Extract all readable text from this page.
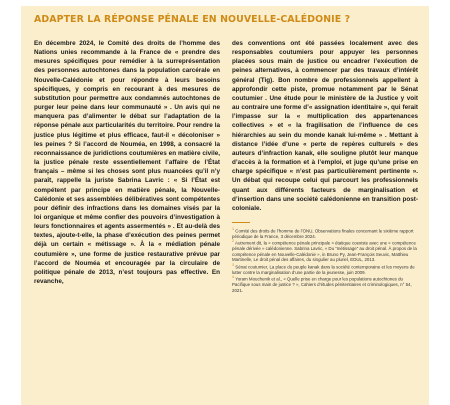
ADAPTER LA RÉPONSE PÉNALE EN NOUVELLE-CALÉDONIE ?

En décembre 2024, le Comité des droits de l’homme des Nations unies recommande à la France de « prendre des mesures spécifiques pour remédier à la surreprésentation des personnes autochtones dans la population carcérale en Nouvelle-Calédonie et pour répondre à leurs besoins spécifiques, y compris en recourant à des mesures de substitution pour permettre aux condamnés autochtones de purger leur peine dans leur communauté » . Un avis qui ne manquera pas d’alimenter le débat sur l’adaptation de la réponse pénale aux particularités du territoire. Pour rendre la justice plus légitime et plus efficace, faut-il « décoloniser » les peines ? Si l’accord de Nouméa, en 1998, a consacré la reconnaissance de juridictions coutumières en matière civile, la justice pénale reste essentiellement l’affaire de l’État français – même si les choses sont plus nuancées qu’il n’y paraît, rappelle la juriste Sabrina Lavric : « Si l’État est compétent par principe en matière pénale, la Nouvelle-Calédonie et ses assemblées délibératives sont compétentes pour définir des infractions dans les domaines visés par la loi organique et même confier des pouvoirs d’investigation à leurs fonctionnaires et agents assermentés » . Et au-delà des textes, ajoute-t-elle, la phase d’exécution des peines permet déjà un certain « métissage ». À la « médiation pénale coutumière », une forme de justice restaurative prévue par l’accord de Nouméa et encouragée par la circulaire de politique pénale de 2013, n’est toujours pas effective. En revanche,

des conventions ont été passées localement avec des responsables coutumiers pour appuyer les personnes placées sous main de justice ou encadrer l’exécution de peines alternatives, à commencer par des travaux d’intérêt général (Tig). Bon nombre de professionnels appellent à approfondir cette piste, promue notamment par le Sénat coutumier . Une étude pour le ministère de la Justice y voit au contraire une forme d’« assignation identitaire », qui ferait l’impasse sur la « multiplication des appartenances collectives » et « la fragilisation de l’influence de ces hiérarchies au sein du monde kanak lui-même » . Mettant à distance l’idée d’une « perte de repères culturels » des auteurs d’infraction kanak, elle souligne plutôt leur manque d’accès à la formation et à l’emploi, et juge qu’une prise en charge spécifique « n’est pas particulièrement pertinente ». Un débat qui recoupe celui qui parcourt les professionnels quant aux différents facteurs de marginalisation et d’insertion dans une société calédonienne en transition post-coloniale.

$^1$ Comité des droits de l’homme de l’ONU, Observations finales concernant le sixième rapport périodique de la France, 3 décembre 2024.

$^2$ Autrement dit, la « compétence pénale principale » étatique coexiste avec une « compétence pénale dérivée » calédonienne. Sabrina Lavric, « Du “métissage” au droit pénal. À propos de la compétence pénale en Nouvelle-Calédonie », in Bruno Py, Jean-François Seuvic, Matthieu Martinelle, Le droit pénal des affaires, du singulier au pluriel, EDUL, 2013.

$^3$ Sénat coutumier, La place du peuple kanak dans la société contemporaine et les moyens de lutter contre la marginalisation d’une partie de la jeunesse, juin 2009.

$^4$ Yoram Mouchenik et al., « Quelle prise en charge pour les populations autochtones du Pacifique sous main de justice ? », Cahiers d’études pénitentiaires et criminologiques, n° 54, 2021.
